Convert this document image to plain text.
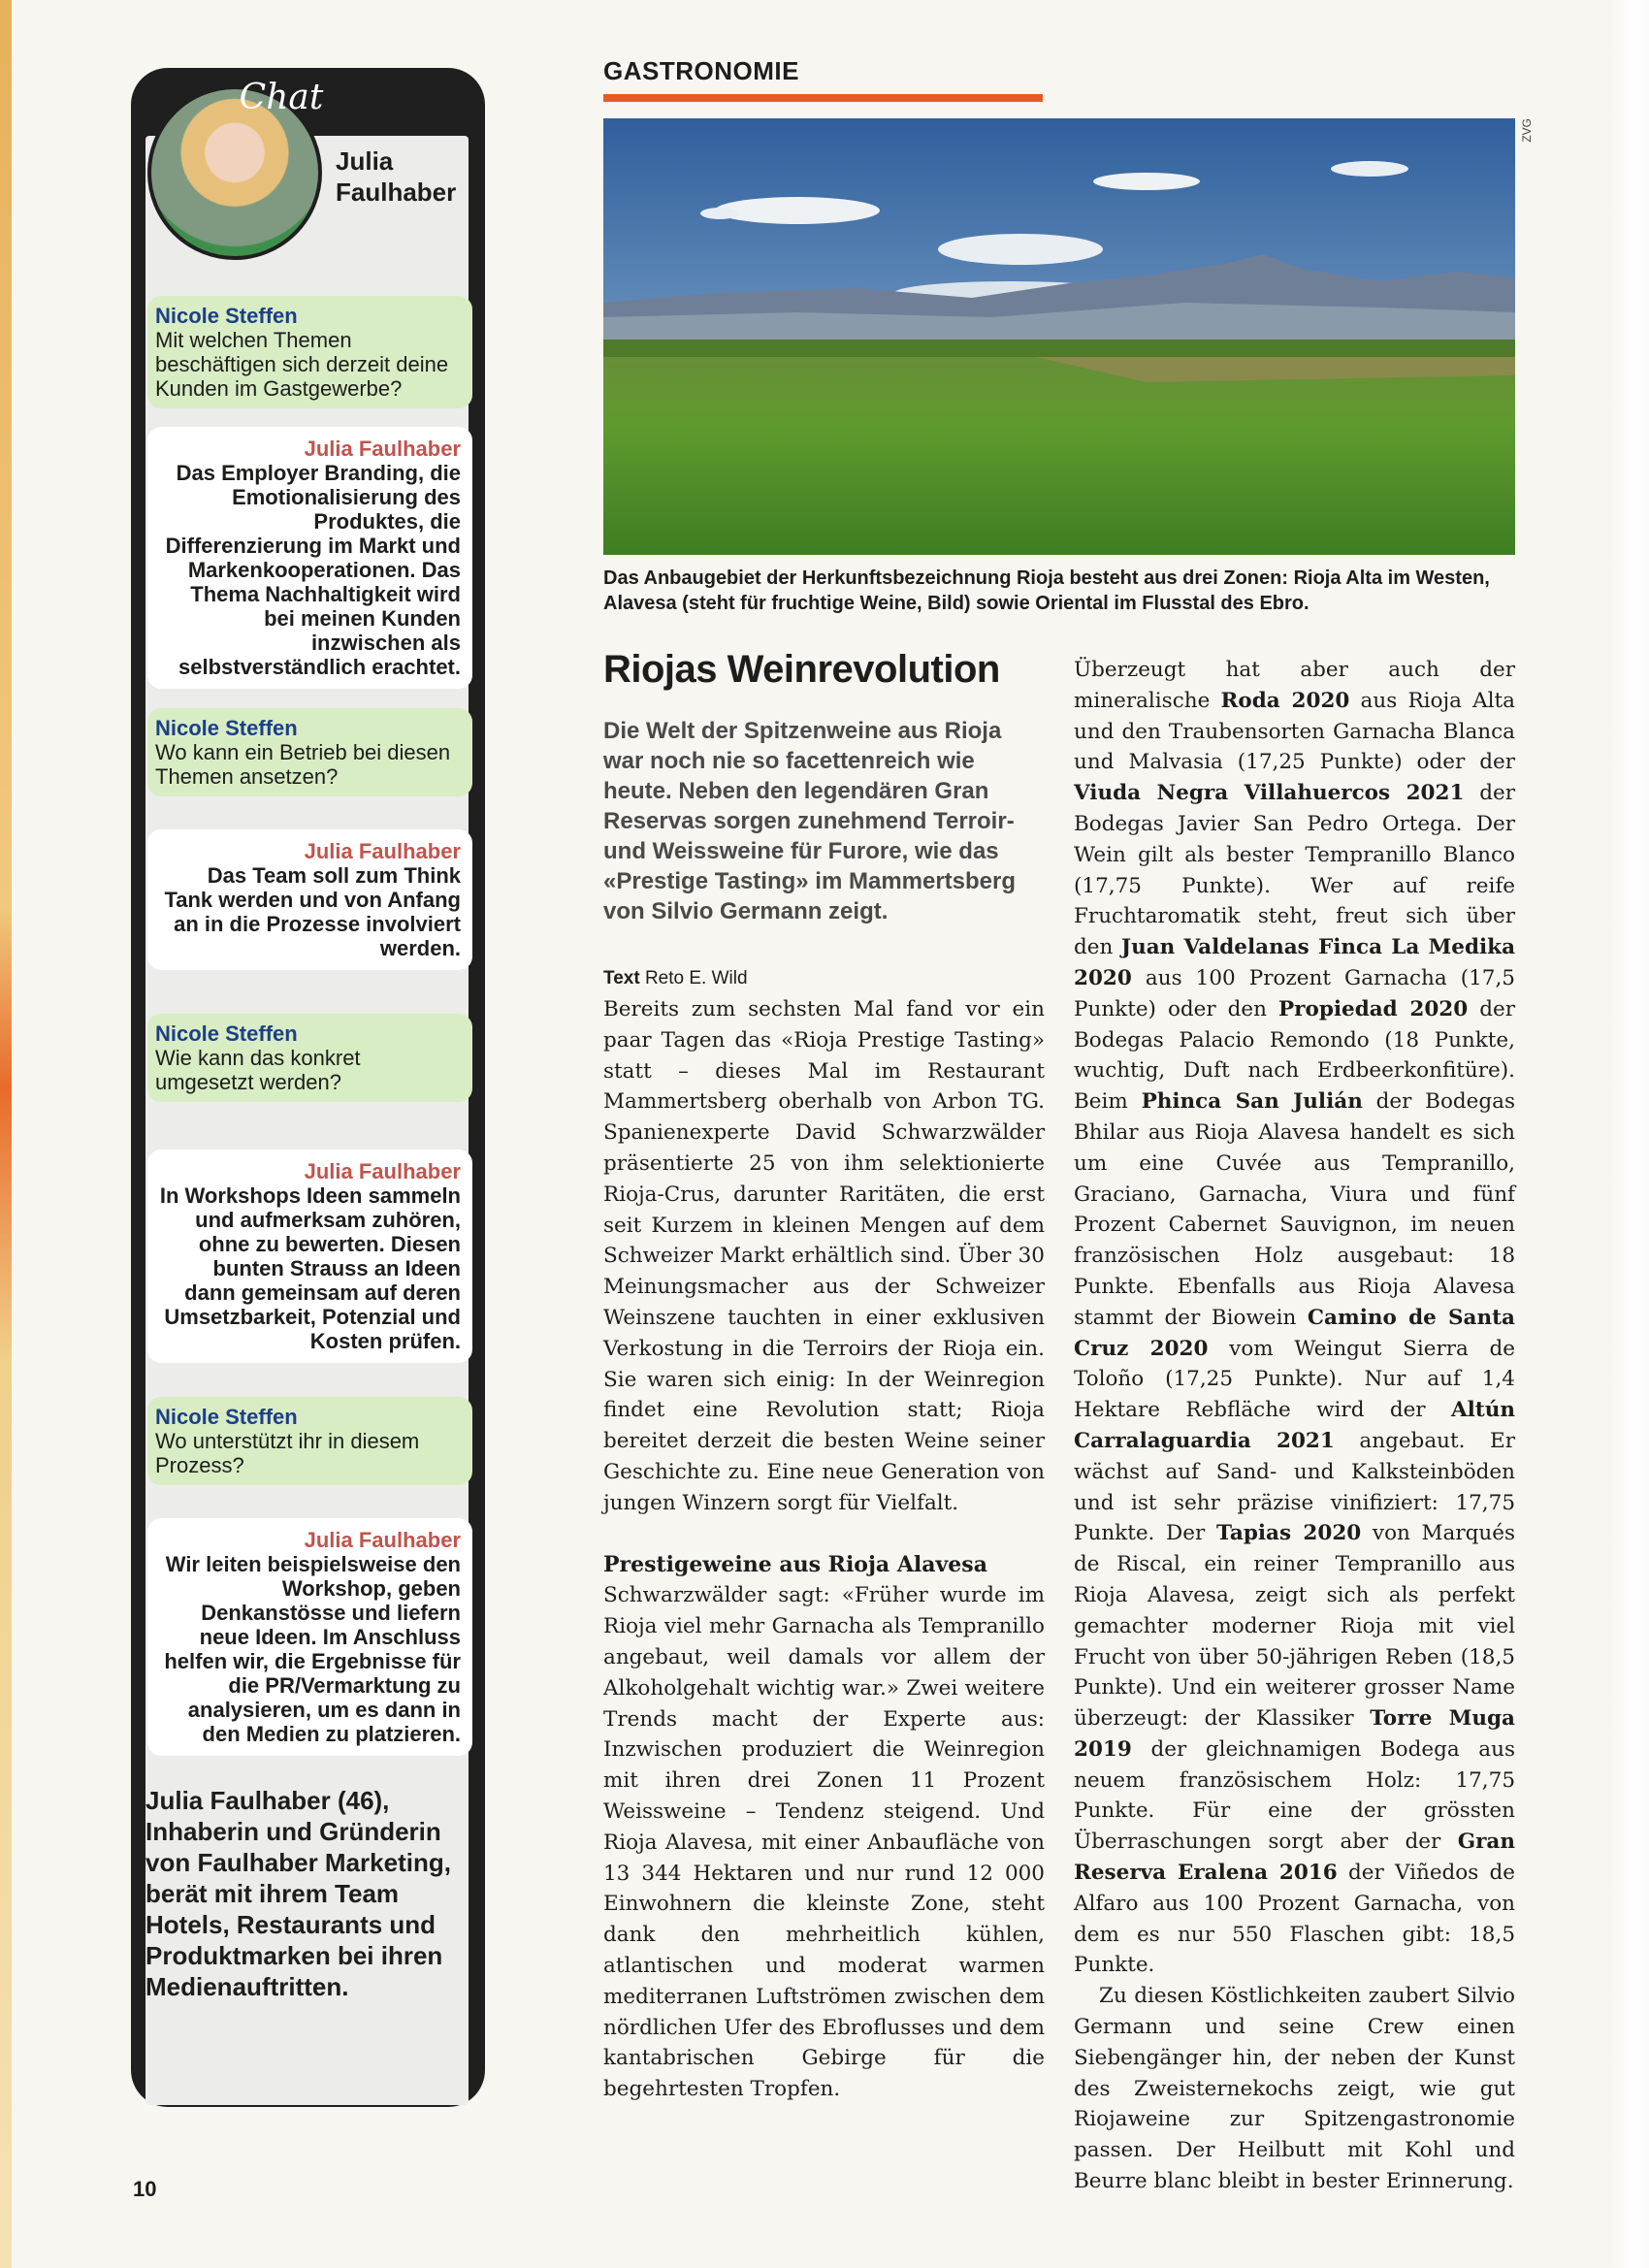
Chat
Julia Faulhaber
Nicole Steffen
Mit welchen Themen beschäftigen sich derzeit deine Kunden im Gastgewerbe?
Julia Faulhaber
Das Employer Branding, die Emotionalisierung des Produktes, die Differenzierung im Markt und Markenkooperationen. Das Thema Nachhaltigkeit wird bei meinen Kunden inzwischen als selbstverständlich erachtet.
Nicole Steffen
Wo kann ein Betrieb bei diesen Themen ansetzen?
Julia Faulhaber
Das Team soll zum Think Tank werden und von Anfang an in die Prozesse involviert werden.
Nicole Steffen
Wie kann das konkret umgesetzt werden?
Julia Faulhaber
In Workshops Ideen sammeln und aufmerksam zuhören, ohne zu bewerten. Diesen bunten Strauss an Ideen dann gemeinsam auf deren Umsetzbarkeit, Potenzial und Kosten prüfen.
Nicole Steffen
Wo unterstützt ihr in diesem Prozess?
Julia Faulhaber
Wir leiten beispielsweise den Workshop, geben Denkanstösse und liefern neue Ideen. Im Anschluss helfen wir, die Ergebnisse für die PR/Vermarktung zu analysieren, um es dann in den Medien zu platzieren.
Julia Faulhaber (46), Inhaberin und Gründerin von Faulhaber Marketing, berät mit ihrem Team Hotels, Restaurants und Produktmarken bei ihren Medienauftritten.
GASTRONOMIE
ZVG
Das Anbaugebiet der Herkunftsbezeichnung Rioja besteht aus drei Zonen: Rioja Alta im Westen, Alavesa (steht für fruchtige Weine, Bild) sowie Oriental im Flusstal des Ebro.
Riojas Weinrevolution
Die Welt der Spitzenweine aus Rioja war noch nie so facettenreich wie heute. Neben den legendären Gran Reservas sorgen zunehmend Terroir- und Weissweine für Furore, wie das «Prestige Tasting» im Mammertsberg von Silvio Germann zeigt.
Text Reto E. Wild

Bereits zum sechsten Mal fand vor ein paar Tagen das «Rioja Prestige Tasting» statt – dieses Mal im Restaurant Mammertsberg oberhalb von Arbon TG. Spanienexperte David Schwarzwälder präsentierte 25 von ihm selektionierte Rioja-Crus, darunter Raritäten, die erst seit Kurzem in kleinen Mengen auf dem Schweizer Markt erhältlich sind. Über 30 Meinungsmacher aus der Schweizer Weinszene tauchten in einer exklusiven Verkostung in die Terroirs der Rioja ein. Sie waren sich einig: In der Weinregion findet eine Revolution statt; Rioja bereitet derzeit die besten Weine seiner Geschichte zu. Eine neue Generation von jungen Winzern sorgt für Vielfalt.

Prestigeweine aus Rioja Alavesa

Schwarzwälder sagt: «Früher wurde im Rioja viel mehr Garnacha als Tempranillo angebaut, weil damals vor allem der Alkoholgehalt wichtig war.» Zwei weitere Trends macht der Experte aus: Inzwischen produziert die Weinregion mit ihren drei Zonen 11 Prozent Weissweine – Tendenz steigend. Und Rioja Alavesa, mit einer Anbaufläche von 13 344 Hektaren und nur rund 12 000 Einwohnern die kleinste Zone, steht dank den mehrheitlich kühlen, atlantischen und moderat warmen mediterranen Luftströmen zwischen dem nördlichen Ufer des Ebroflusses und dem kantabrischen Gebirge für die begehrtesten Tropfen.

Überzeugt hat aber auch der mineralische Roda 2020 aus Rioja Alta und den Traubensorten Garnacha Blanca und Malvasia (17,25 Punkte) oder der Viuda Negra Villahuercos 2021 der Bodegas Javier San Pedro Ortega. Der Wein gilt als bester Tempranillo Blanco (17,75 Punkte). Wer auf reife Fruchtaromatik steht, freut sich über den Juan Valdelanas Finca La Medika 2020 aus 100 Prozent Garnacha (17,5 Punkte) oder den Propiedad 2020 der Bodegas Palacio Remondo (18 Punkte, wuchtig, Duft nach Erdbeerkonfitüre). Beim Phinca San Julián der Bodegas Bhilar aus Rioja Alavesa handelt es sich um eine Cuvée aus Tempranillo, Graciano, Garnacha, Viura und fünf Prozent Cabernet Sauvignon, im neuen französischen Holz ausgebaut: 18 Punkte. Ebenfalls aus Rioja Alavesa stammt der Biowein Camino de Santa Cruz 2020 vom Weingut Sierra de Toloño (17,25 Punkte). Nur auf 1,4 Hektare Rebfläche wird der Altún Carralaguardia 2021 angebaut. Er wächst auf Sand- und Kalksteinböden und ist sehr präzise vinifiziert: 17,75 Punkte. Der Tapias 2020 von Marqués de Riscal, ein reiner Tempranillo aus Rioja Alavesa, zeigt sich als perfekt gemachter moderner Rioja mit viel Frucht von über 50-jährigen Reben (18,5 Punkte). Und ein weiterer grosser Name überzeugt: der Klassiker Torre Muga 2019 der gleichnamigen Bodega aus neuem französischem Holz: 17,75 Punkte. Für eine der grössten Überraschungen sorgt aber der Gran Reserva Eralena 2016 der Viñedos de Alfaro aus 100 Prozent Garnacha, von dem es nur 550 Flaschen gibt: 18,5 Punkte.

Zu diesen Köstlichkeiten zaubert Silvio Germann und seine Crew einen Siebengänger hin, der neben der Kunst des Zweisternekochs zeigt, wie gut Riojaweine zur Spitzengastronomie passen. Der Heilbutt mit Kohl und Beurre blanc bleibt in bester Erinnerung.

10
